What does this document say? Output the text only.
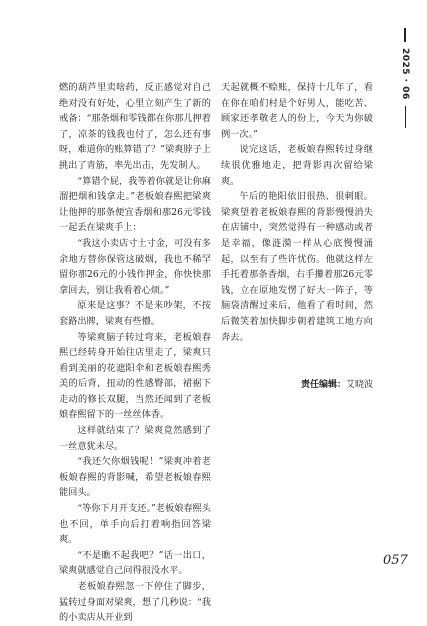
燃的葫芦里卖啥药，反正感觉对自己绝对没有好处，心里立刻产生了新的戒备：“那条烟和零钱都在你那儿押着了，凉茶的钱我也付了，怎么还有事呀，难道你的账算错了？”梁爽脖子上挑出了青筋，率先出击，先发制人。

“算错个屁，我等着你就是让你麻溜把烟和钱拿走。”老板娘春熙把梁爽让他押的那条便宜香烟和那26元零钱一起丢在梁爽手上：

“我这小卖店寸土寸金，可没有多余地方替你保管这破烟，我也不稀罕留你那26元的小钱作押金，你快快那拿回去，别让我看着心烦。”

原来是这事？不是来吵架，不按套路出牌，梁爽有些懵。

等梁爽脑子转过弯来，老板娘春熙已经转身开始往店里走了，梁爽只看到美丽的花遮阳伞和老板娘春熙秀美的后背，扭动的性感臀部，裙裾下走动的修长双腿，当然还闻到了老板娘春熙留下的一丝丝体香。

这样就结束了？梁爽竟然感到了一丝意犹未尽。

“我还欠你烟钱呢！”梁爽冲着老板娘春熙的背影喊，希望老板娘春熙能回头。

“等你下月开支还。”老板娘春熙头也不回，单手向后打着响指回答梁爽。

“不是瞧不起我吧？”话一出口，梁爽就感觉自己问得很没水平。

老板娘春熙忽一下停住了脚步，猛转过身面对梁爽，想了几秒说：“我的小卖店从开业到

天起就概不赊账，保持十几年了，看在你在咱们村是个好男人，能吃苦、顾家还孝敬老人的份上，今天为你破例一次。”

说完这话，老板娘春熙转过身继续很优雅地走，把背影再次留给梁爽。

午后的艳阳依旧很热、很刺眼。梁爽望着老板娘春熙的背影慢慢消失在店铺中，突然觉得有一种感动或者是幸福，像涟漪一样从心底慢慢涌起，以至有了些许忧伤。他就这样左手托着那条香烟，右手攥着那26元零钱，立在原地发愣了好大一阵子，等脑袋清醒过来后，他看了看时间，然后微笑着加快脚步朝着建筑工地方向奔去。

责任编辑：艾晓波

2025 · 06
057
